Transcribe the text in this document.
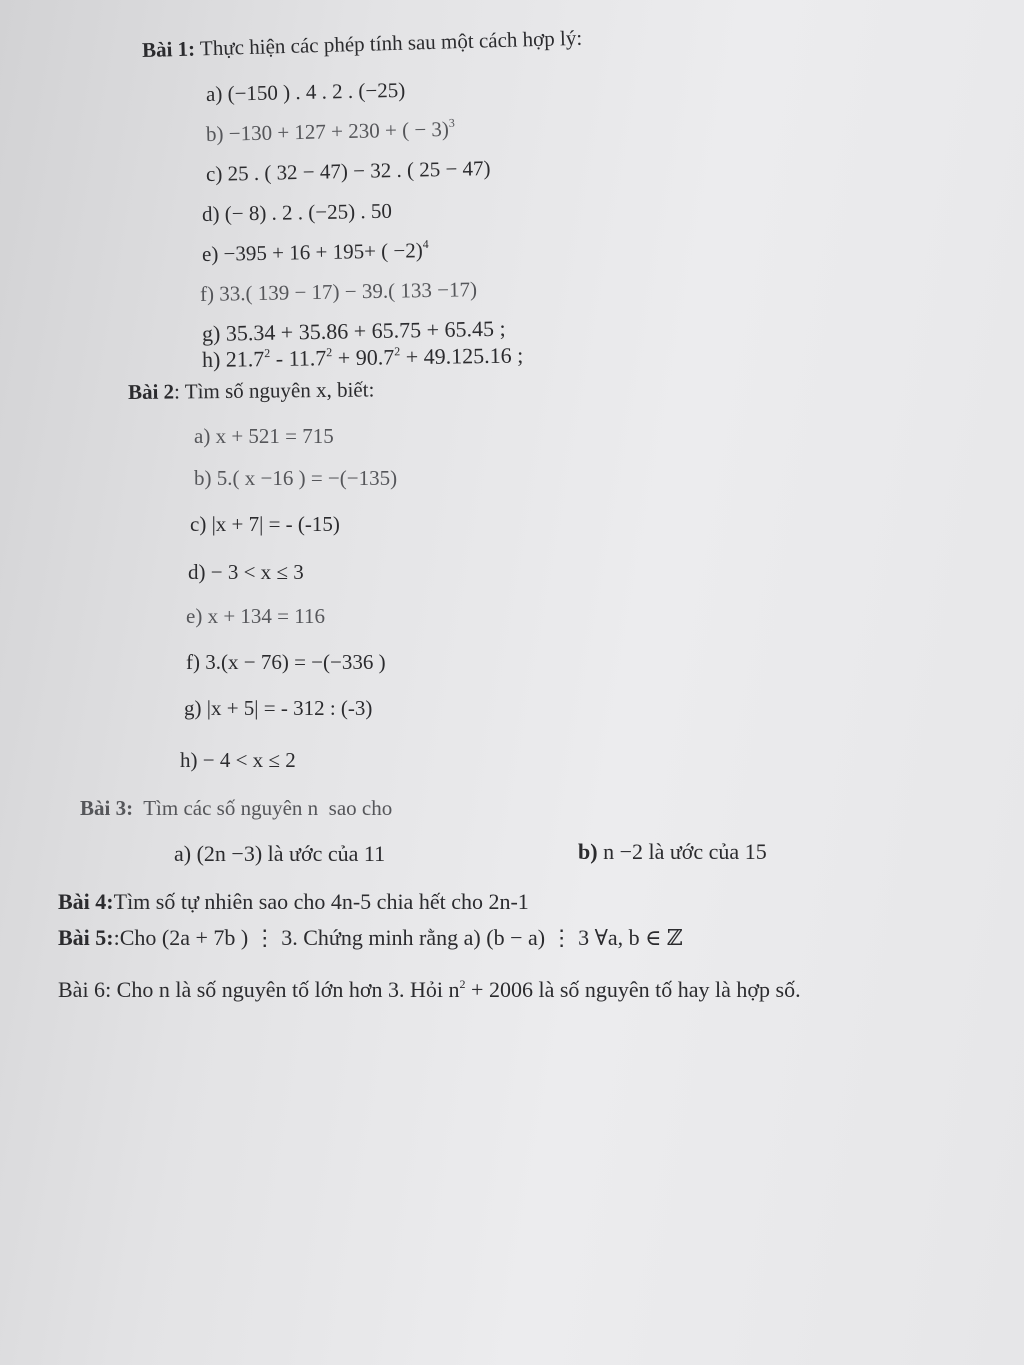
Bài 1: Thực hiện các phép tính sau một cách hợp lý:
a) (−150 ) . 4 . 2 . (−25)
b) −130 + 127 + 230 + ( − 3)$^3$
c) 25 . ( 32 − 47) − 32 . ( 25 − 47)
d) (− 8) . 2 . (−25) . 50
e) −395 + 16 + 195+ ( −2)$^4$
f) 33.( 139 − 17) − 39.( 133 −17)
g) 35.34 + 35.86 + 65.75 + 65.45 ;
h) $21.7^2 - 11.7^2 + 90.7^2 + 49.125.16$ ;
Bài 2: Tìm số nguyên x, biết:
a) x + 521 = 715
b) 5.( x −16 ) = −(−135)
c) |x + 7| = - (-15)
d) − 3 < x ≤ 3
e) x + 134 = 116
f) 3.(x − 76) = −(−336 )
g) |x + 5| = - 312 : (-3)
h) − 4 < x ≤ 2
Bài 3:  Tìm các số nguyên n  sao cho
a) (2n −3) là ước của 11	b) n −2 là ước của 15
Bài 4:Tìm số tự nhiên sao cho 4n-5 chia hết cho 2n-1
Bài 5::Cho (2a + 7b ) ⋮ 3. Chứng minh rằng a) (b − a) ⋮ 3 ∀a, b ∈ ℤ
Bài 6: Cho n là số nguyên tố lớn hơn 3. Hỏi $n^2 + 2006$ là số nguyên tố hay là hợp số.
